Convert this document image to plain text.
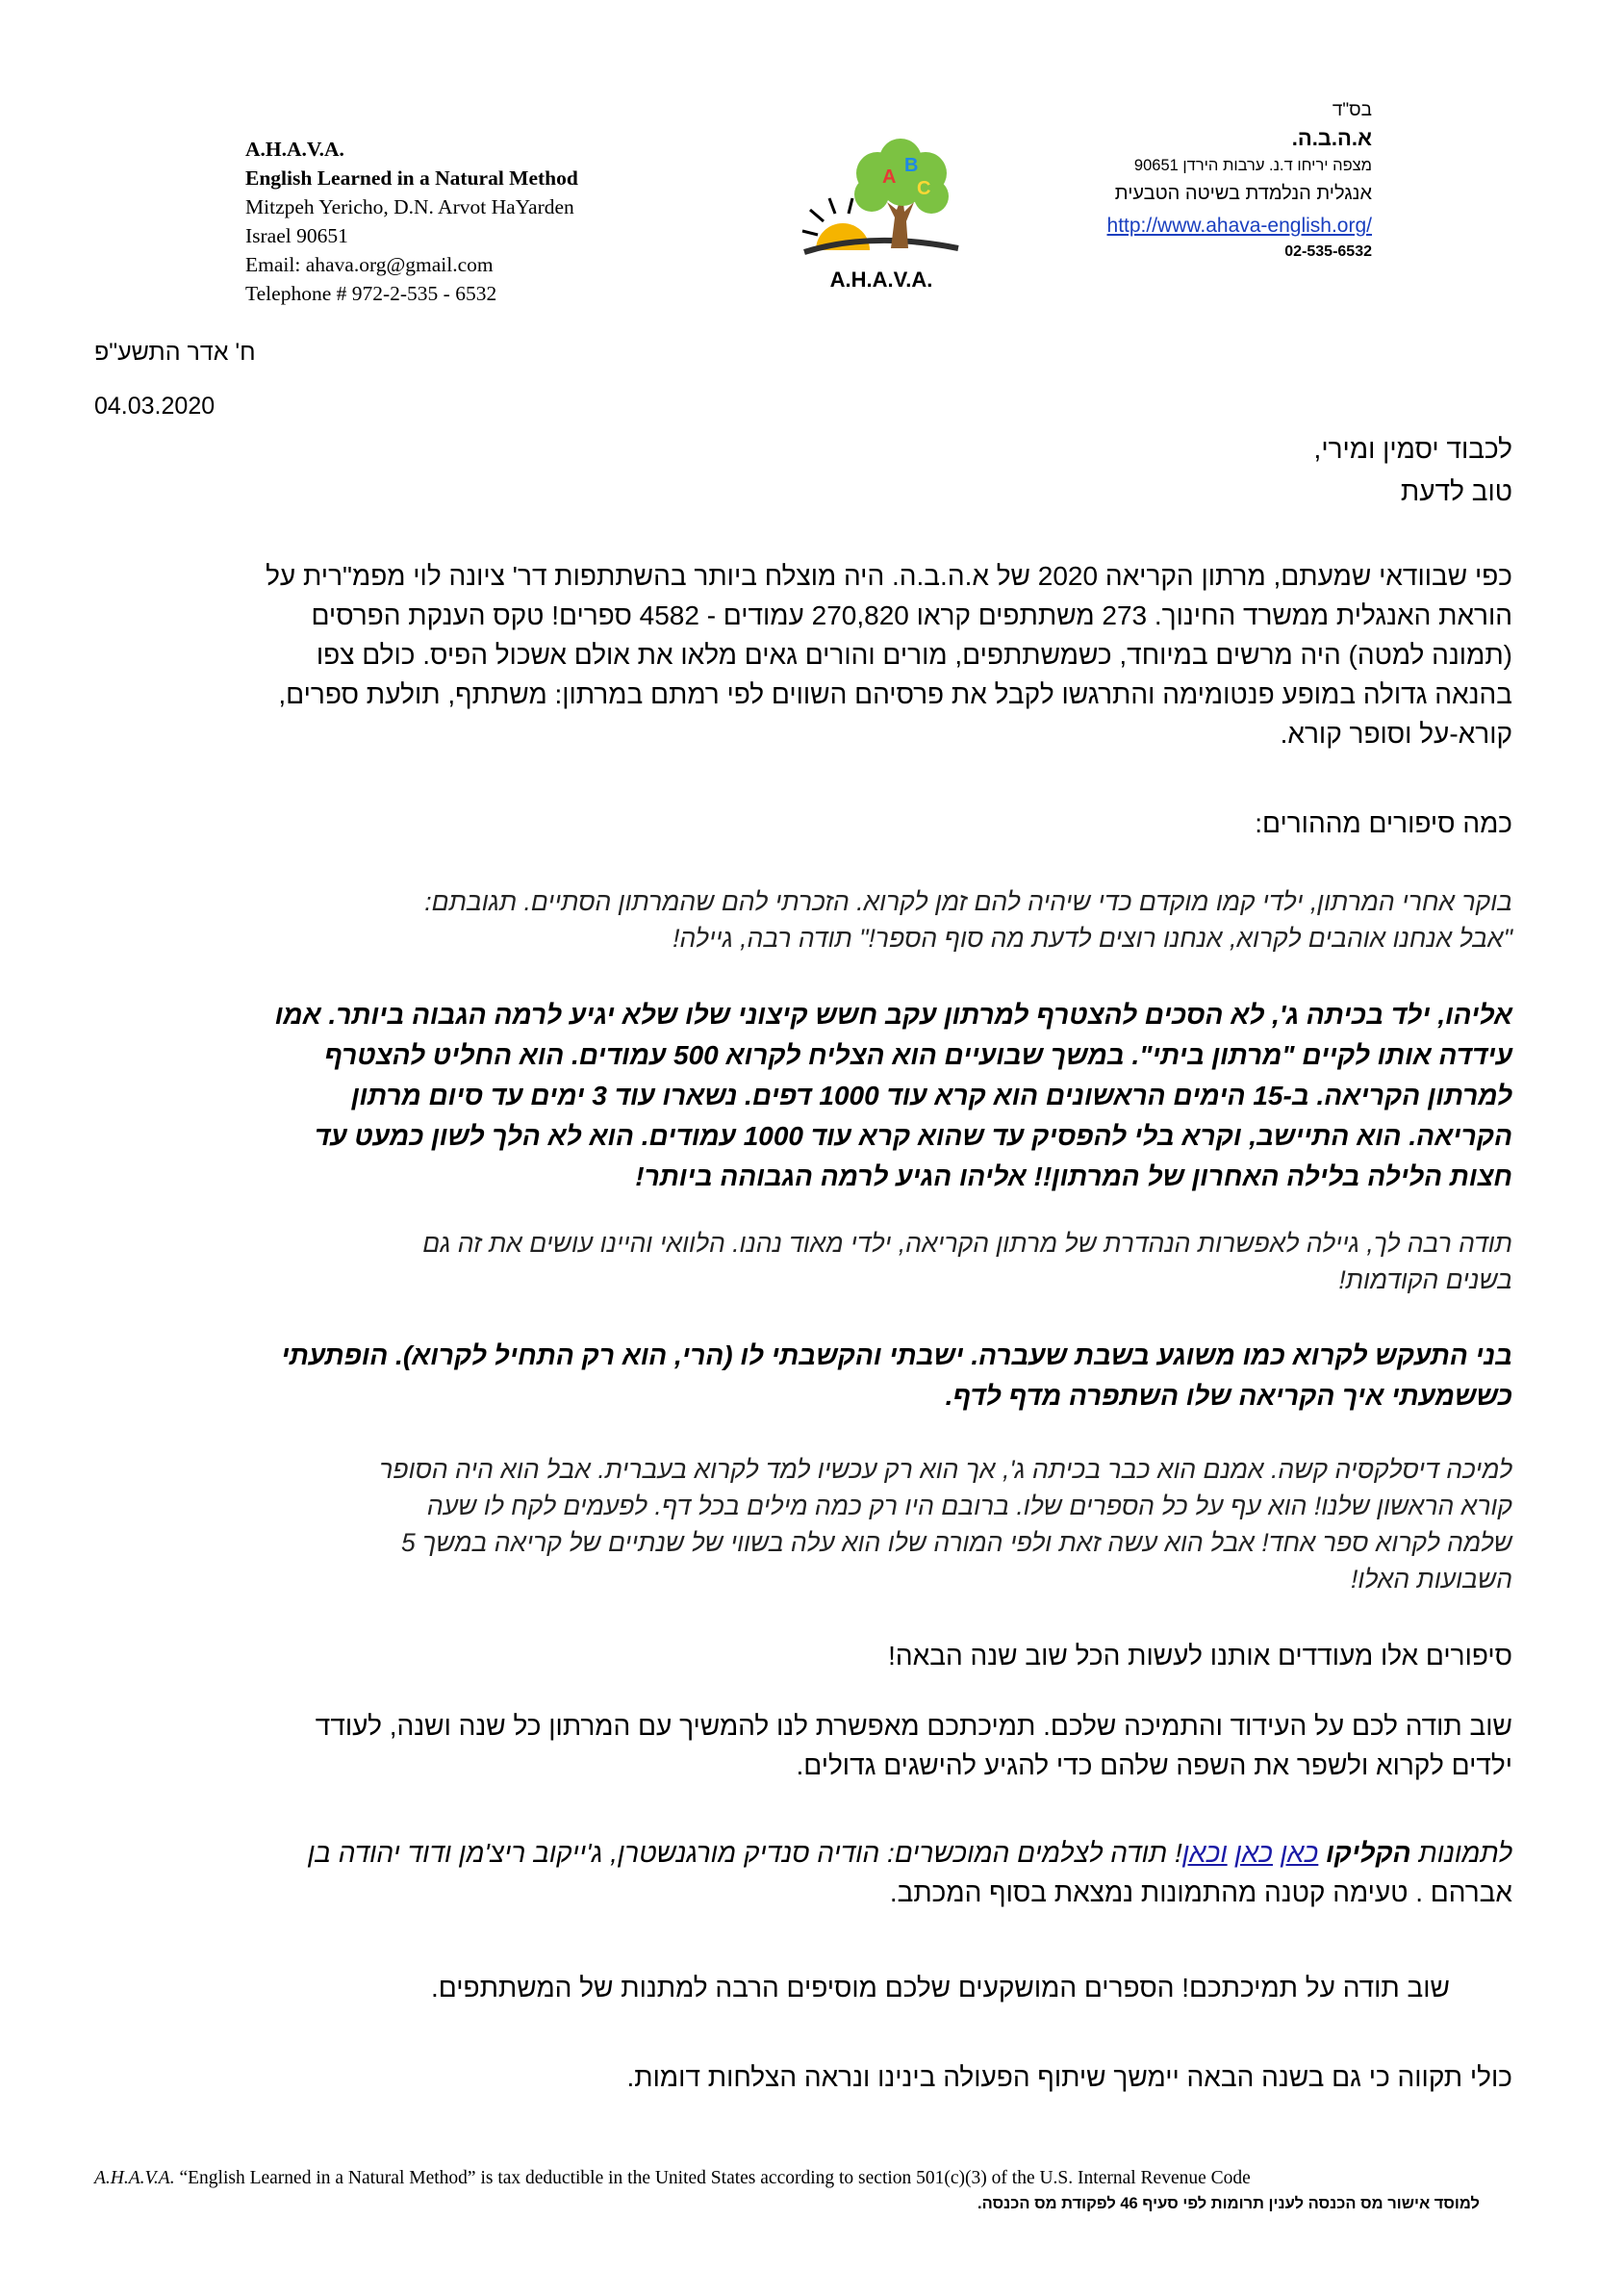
A.H.A.V.A.
English Learned in a Natural Method
Mitzpeh Yericho, D.N. Arvot HaYarden
Israel 90651
Email: ahava.org@gmail.com
Telephone # 972-2-535 - 6532
A
B
C
A.H.A.V.A.
בס"ד
א.ה.ב.ה.
מצפה יריחו ד.נ. ערבות הירדן 90651
אנגלית הנלמדת בשיטה הטבעית
http://www.ahava-english.org/
02-535-6532
ח' אדר התשע"פ
04.03.2020
לכבוד יסמין ומירי,
טוב לדעת
כפי שבוודאי שמעתם, מרתון הקריאה 2020 של א.ה.ב.ה. היה מוצלח ביותר בהשתתפות דר' ציונה לוי מפמ"רית על
הוראת האנגלית ממשרד החינוך. 273 משתתפים קראו 270,820 עמודים - 4582 ספרים! טקס הענקת הפרסים
(תמונה למטה) היה מרשים במיוחד, כשמשתתפים, מורים והורים גאים מלאו את אולם אשכול הפיס. כולם צפו
בהנאה גדולה במופע פנטומימה והתרגשו לקבל את פרסיהם השווים לפי רמתם במרתון: משתתף, תולעת ספרים,
קורא-על וסופר קורא.
כמה סיפורים מההורים:
בוקר אחרי המרתון, ילדי קמו מוקדם כדי שיהיה להם זמן לקרוא. הזכרתי להם שהמרתון הסתיים. תגובתם:
"אבל אנחנו אוהבים לקרוא, אנחנו רוצים לדעת מה סוף הספר!" תודה רבה, גיילה!
אליהו, ילד בכיתה ג', לא הסכים להצטרף למרתון עקב חשש קיצוני שלו שלא יגיע לרמה הגבוה ביותר. אמו
עידדה אותו לקיים "מרתון ביתי". במשך שבועיים הוא הצליח לקרוא 500 עמודים. הוא החליט להצטרף
למרתון הקריאה. ב-15 הימים הראשונים הוא קרא עוד 1000 דפים. נשארו עוד 3 ימים עד סיום מרתון
הקריאה. הוא התיישב, וקרא בלי להפסיק עד שהוא קרא עוד 1000 עמודים. הוא לא הלך לשון כמעט עד
חצות הלילה בלילה האחרון של המרתון!! אליהו הגיע לרמה הגבוהה ביותר!
תודה רבה לך, גיילה לאפשרות הנהדרת של מרתון הקריאה, ילדי מאוד נהנו. הלוואי והיינו עושים את זה גם
בשנים הקודמות!
בני התעקש לקרוא כמו משוגע בשבת שעברה. ישבתי והקשבתי לו (הרי, הוא רק התחיל לקרוא). הופתעתי
כששמעתי איך הקריאה שלו השתפרה מדף לדף.
למיכה דיסלקסיה קשה. אמנם הוא כבר בכיתה ג', אך הוא רק עכשיו למד לקרוא בעברית. אבל הוא היה הסופר
קורא הראשון שלנו! הוא עף על כל הספרים שלו. ברובם היו רק כמה מילים בכל דף. לפעמים לקח לו שעה
שלמה לקרוא ספר אחד! אבל הוא עשה זאת ולפי המורה שלו הוא עלה בשווי של שנתיים של קריאה במשך 5
השבועות האלו!
סיפורים אלו מעודדים אותנו לעשות הכל שוב שנה הבאה!
שוב תודה לכם על העידוד והתמיכה שלכם. תמיכתכם מאפשרת לנו להמשיך עם המרתון כל שנה ושנה, לעודד
ילדים לקרוא ולשפר את השפה שלהם כדי להגיע להישגים גדולים.
לתמונות הקליקו כאן כאן וכאן! תודה לצלמים המוכשרים: הודיה סנדיק מורגנשטרן, ג'ייקוב ריצ'מן ודוד יהודה בן
אברהם . טעימה קטנה מהתמונות נמצאת בסוף המכתב.
שוב תודה על תמיכתכם! הספרים המושקעים שלכם מוסיפים הרבה למתנות של המשתתפים.
כולי תקווה כי גם בשנה הבאה יימשך שיתוף הפעולה בינינו ונראה הצלחות דומות.
A.H.A.V.A. “English Learned in a Natural Method” is tax deductible in the United States according to section 501(c)(3) of the U.S. Internal Revenue Code
למוסד אישור מס הכנסה לענין תרומות לפי סעיף 46 לפקודת מס הכנסה.
